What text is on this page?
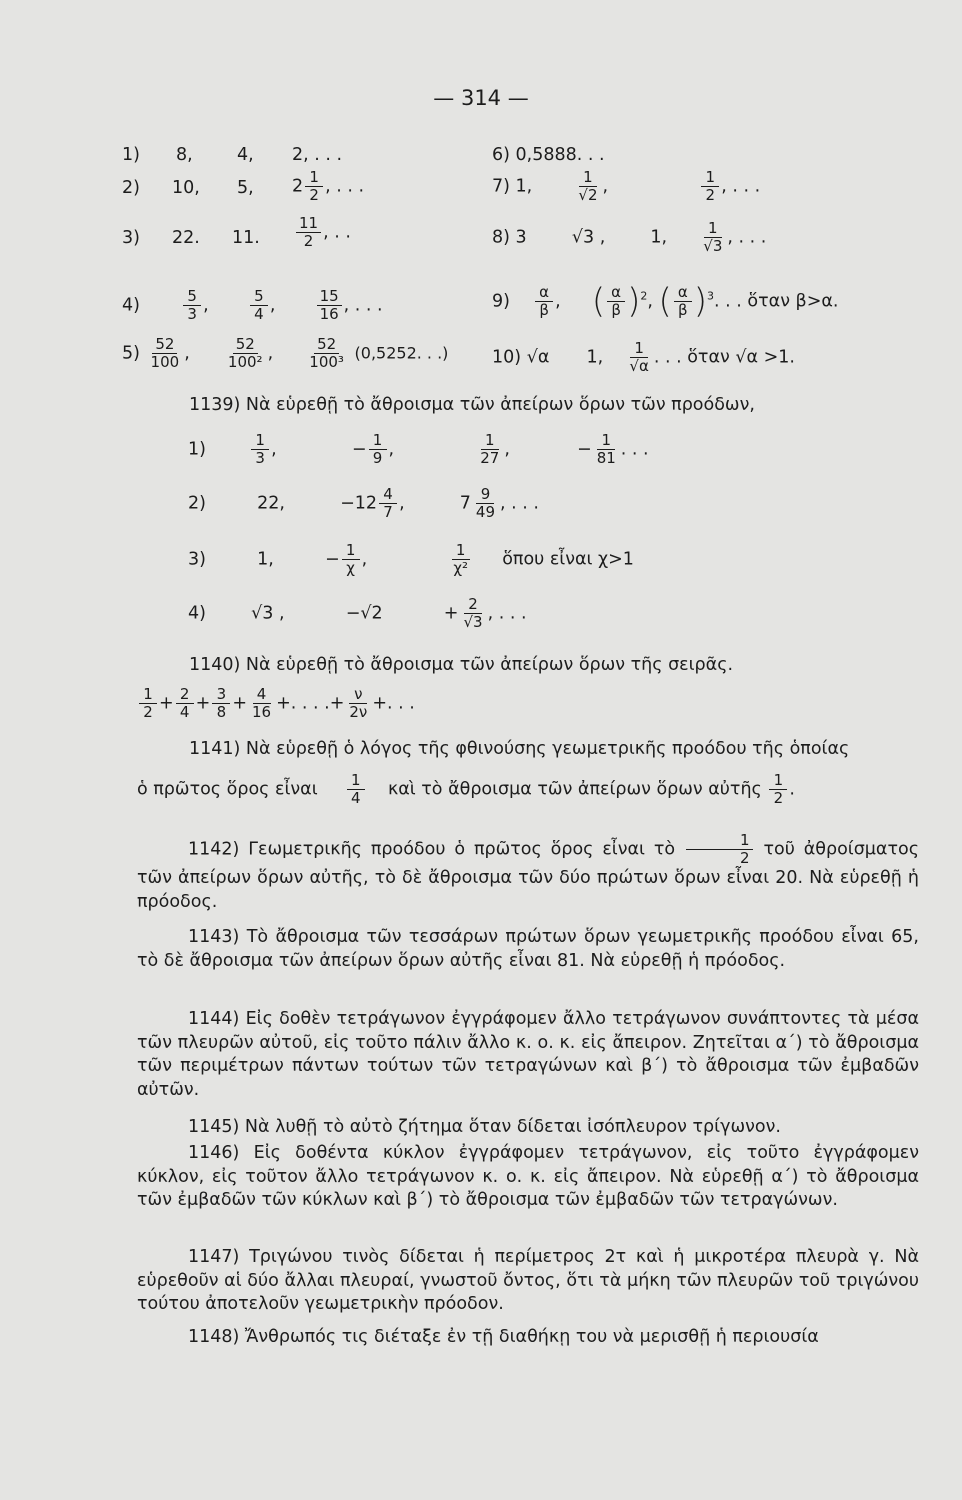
— 314 —
1) 8,	4, 2, . . .	6) 0,5888. . .
2) 10, 5, $2 \frac{1}{2}$ , . . .	7) 1,	$\frac{1}{√2}$ ,	$\frac{1}{2}$ , . . .
3) 22. 11. $\frac{11}{2}$ , . .	8) 3	√3 ,	1, $\frac{1}{√3}$ , . . .
4)	$\frac{5}{3}$ , $\frac{5}{4}$ , $\frac{15}{16}$ , . . .	$9) \frac{\alpha}{\beta}$ ,  ( $\frac{\alpha}{\beta} )^2$, ( $\frac{\alpha}{\beta} )^3$. . . ὅταν β>α.
$5) \frac{52}{100}$ , $\frac{52}{\text{100²}}$ , $\frac{52}{\text{100³}} (0,5252$. . .) 10) √α 1, $\frac{1}{√\alpha}$ . . . ὅταν √α >1.
1139) Νὰ εὑρεθῇ τὸ ἄθροισμα τῶν ἀπείρων ὅρων τῶν προόδων,
1)	$\frac{1}{3}$ ,	− $\frac{1}{9}$ ,	$\frac{1}{27}$ ,	− $\frac{1}{81}$ . . .
2)	22,	$-12 \frac{4}{7}$ ,	$7 \frac{9}{49}$ , . . .
3)	1,	− $\frac{1}{\chi}$ ,	$\frac{1}{\text{χ²}}$ ὅπου εἶναι χ>1
4)	√3 ,	−√2	+ $\frac{2}{√3}$ , . . .
1140) Νὰ εὑρεθῇ τὸ ἄθροισμα τῶν ἀπείρων ὅρων τῆς σειρᾶς.
$\frac{1}{2} + \frac{2}{4} + \frac{3}{8} + \frac{4}{16}$ +. . . .+ $\frac{\nu}{2\nu}$ +. . .
1141) Νὰ εὑρεθῇ ὁ λόγος τῆς φθινούσης γεωμετρικῆς προόδου τῆς ὁποίας
ὁ πρῶτος ὅρος εἶναι $\frac{1}{4}$ καὶ τὸ ἄθροισμα τῶν ἀπείρων ὅρων αὐτῆς $\frac{1}{2}$ .
1142) Γεωμετρικῆς προόδου ὁ πρῶτος ὅρος εἶναι τὸ $\frac{1}{2}$ τοῦ ἀθροίσματος τῶν ἀπείρων ὅρων αὐτῆς, τὸ δὲ ἄθροισμα τῶν δύο πρώτων ὅρων εἶναι 20. Νὰ εὑρεθῇ ἡ πρόοδος.
1143) Τὸ ἄθροισμα τῶν τεσσάρων πρώτων ὅρων γεωμετρικῆς προόδου εἶναι 65, τὸ δὲ ἄθροισμα τῶν ἀπείρων ὅρων αὐτῆς εἶναι 81. Νὰ εὑρεθῇ ἡ πρόοδος.
1144) Εἰς δοθὲν τετράγωνον ἐγγράφομεν ἄλλο τετράγωνον συνάπτοντες τὰ μέσα τῶν πλευρῶν αὐτοῦ, εἰς τοῦτο πάλιν ἄλλο κ. ο. κ. εἰς ἄπειρον. Ζητεῖται α΄) τὸ ἄθροισμα τῶν περιμέτρων πάντων τούτων τῶν τετραγώνων καὶ β΄) τὸ ἄθροισμα τῶν ἐμβαδῶν αὐτῶν.
1145) Νὰ λυθῇ τὸ αὐτὸ ζήτημα ὅταν δίδεται ἰσόπλευρον τρίγωνον.
1146) Εἰς δοθέντα κύκλον ἐγγράφομεν τετράγωνον, εἰς τοῦτο ἐγγράφομεν κύκλον, εἰς τοῦτον ἄλλο τετράγωνον κ. ο. κ. εἰς ἄπειρον. Νὰ εὑρεθῇ α΄) τὸ ἄθροισμα τῶν ἐμβαδῶν τῶν κύκλων καὶ β΄) τὸ ἄθροισμα τῶν ἐμβαδῶν τῶν τετραγώνων.
1147) Τριγώνου τινὸς δίδεται ἡ περίμετρος 2τ καὶ ἡ μικροτέρα πλευρὰ γ. Νὰ εὑρεθοῦν αἱ δύο ἄλλαι πλευραί, γνωστοῦ ὄντος, ὅτι τὰ μήκη τῶν πλευρῶν τοῦ τριγώνου τούτου ἀποτελοῦν γεωμετρικὴν πρόοδον.
1148) Ἄνθρωπός τις διέταξε ἐν τῇ διαθήκῃ του νὰ μερισθῇ ἡ περιουσία
